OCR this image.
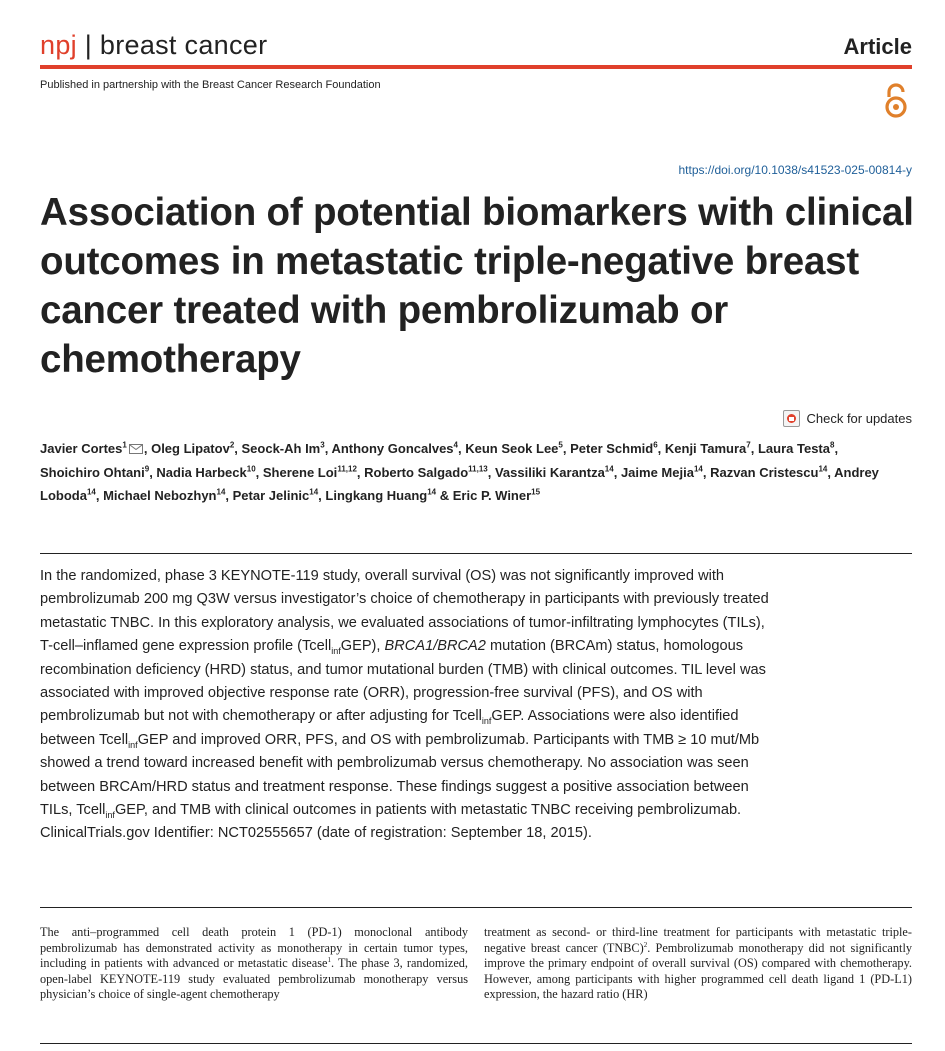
npj | breast cancer	Article
Published in partnership with the Breast Cancer Research Foundation
https://doi.org/10.1038/s41523-025-00814-y
Association of potential biomarkers with clinical outcomes in metastatic triple-negative breast cancer treated with pembrolizumab or chemotherapy
Check for updates
Javier Cortes$^1$ , Oleg Lipatov$^2$, Seock-Ah Im$^3$, Anthony Goncalves$^4$, Keun Seok Lee$^5$, Peter Schmid$^6$, Kenji Tamura$^7$, Laura Testa$^8$, Shoichiro Ohtani$^9$, Nadia Harbeck$^{10}$, Sherene Loi$^{11,12}$, Roberto Salgado$^{11,13}$, Vassiliki Karantza$^{14}$, Jaime Mejia$^{14}$, Razvan Cristescu$^{14}$, Andrey Loboda$^{14}$, Michael Nebozhyn$^{14}$, Petar Jelinic$^{14}$, Lingkang Huang$^{14}$ & Eric P. Winer$^{15}$
In the randomized, phase 3 KEYNOTE-119 study, overall survival (OS) was not significantly improved with pembrolizumab 200 mg Q3W versus investigator’s choice of chemotherapy in participants with previously treated metastatic TNBC. In this exploratory analysis, we evaluated associations of tumor-infiltrating lymphocytes (TILs), T-cell–inflamed gene expression profile (Tcell$_{inf}$GEP), BRCA1/BRCA2 mutation (BRCAm) status, homologous recombination deficiency (HRD) status, and tumor mutational burden (TMB) with clinical outcomes. TIL level was associated with improved objective response rate (ORR), progression-free survival (PFS), and OS with pembrolizumab but not with chemotherapy or after adjusting for Tcell$_{inf}$GEP. Associations were also identified between Tcell$_{inf}$GEP and improved ORR, PFS, and OS with pembrolizumab. Participants with TMB ≥ 10 mut/Mb showed a trend toward increased benefit with pembrolizumab versus chemotherapy. No association was seen between BRCAm/HRD status and treatment response. These findings suggest a positive association between TILs, Tcell$_{inf}$GEP, and TMB with clinical outcomes in patients with metastatic TNBC receiving pembrolizumab. ClinicalTrials.gov Identifier: NCT02555657 (date of registration: September 18, 2015).
The anti–programmed cell death protein 1 (PD-1) monoclonal antibody pembrolizumab has demonstrated activity as monotherapy in certain tumor types, including in patients with advanced or metastatic disease$^1$. The phase 3, randomized, open-label KEYNOTE-119 study evaluated pembrolizumab monotherapy versus physician’s choice of single-agent chemotherapy
treatment as second- or third-line treatment for participants with metastatic triple-negative breast cancer (TNBC)$^2$. Pembrolizumab monotherapy did not significantly improve the primary endpoint of overall survival (OS) compared with chemotherapy. However, among participants with higher programmed cell death ligand 1 (PD-L1) expression, the hazard ratio (HR)
